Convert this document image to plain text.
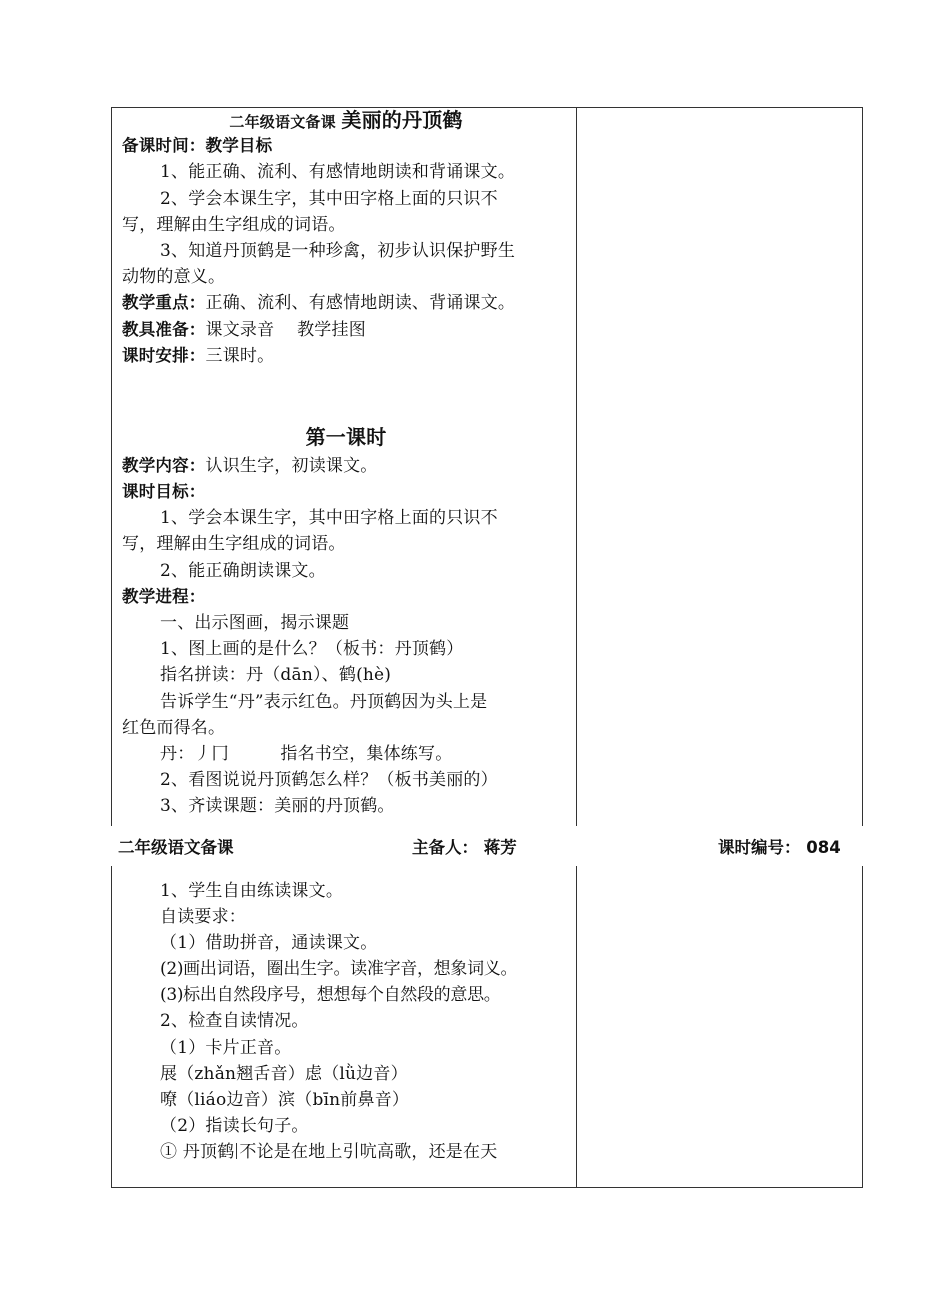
二年级语文备课 美丽的丹顶鹤
备课时间：教学目标
1、能正确、流利、有感情地朗读和背诵课文。
2、学会本课生字，其中田字格上面的只识不
写，理解由生字组成的词语。
3、知道丹顶鹤是一种珍禽，初步认识保护野生
动物的意义。
教学重点：正确、流利、有感情地朗读、背诵课文。
教具准备：课文录音　 教学挂图
课时安排：三课时。
第一课时
教学内容：认识生字，初读课文。
课时目标：
1、学会本课生字，其中田字格上面的只识不
写，理解由生字组成的词语。
2、能正确朗读课文。
教学进程：
一、出示图画，揭示课题
1、图上画的是什么？（板书：丹顶鹤）
指名拼读：丹（dān）、鹤(hè)
告诉学生“丹”表示红色。丹顶鹤因为头上是
红色而得名。
丹：丿冂　　　指名书空，集体练写。
2、看图说说丹顶鹤怎么样？（板书美丽的）
3、齐读课题：美丽的丹顶鹤。
1、学生自由练读课文。
自读要求：
（1）借助拼音，通读课文。
(2)画出词语，圈出生字。读准字音，想象词义。
(3)标出自然段序号，想想每个自然段的意思。
2、检查自读情况。
（1）卡片正音。
展（zhǎn翘舌音）虑（lǜ边音）
嘹（liáo边音）滨（bīn前鼻音）
（2）指读长句子。
① 丹顶鹤 不论是在地上引吭高歌，还是在天
二年级语文备课	主备人： 蒋芳	课时编号： 084
